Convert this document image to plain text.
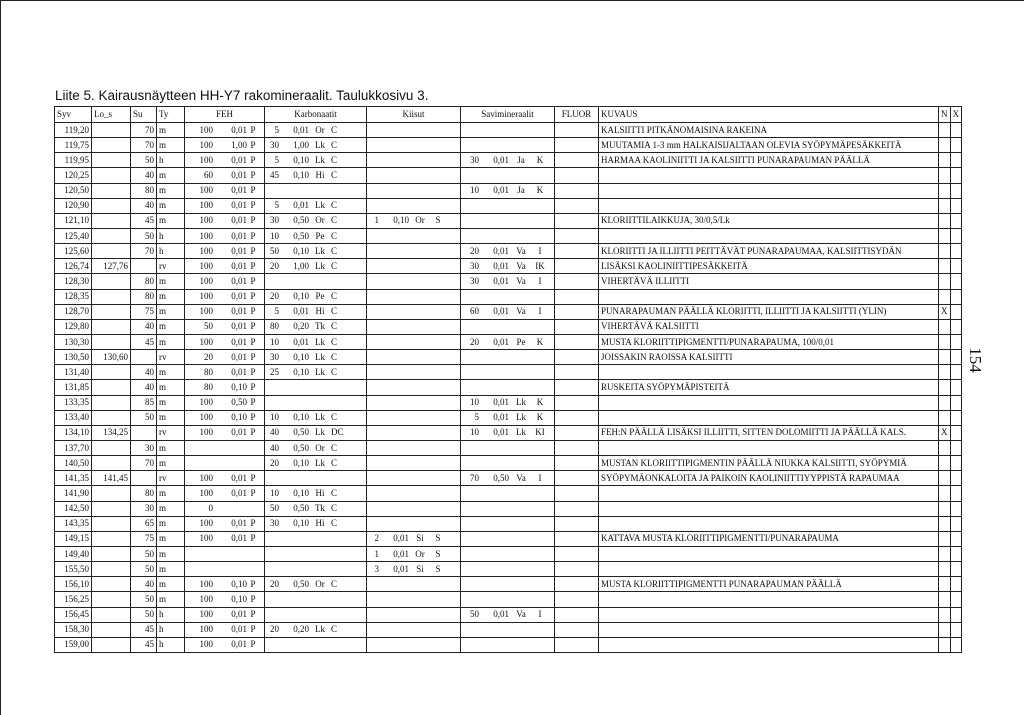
Liite 5. Kairausnäytteen HH-Y7 rakomineraalit. Taulukkosivu 3.
154
Syv	Lo_s	Su	Ty	FEH	Karbonaatit	Kiisut	Savimineraalit	FLUOR	KUVAUS	N	X
119,20		70	m	100 0,01 P	5 0,01 Or C				KALSIITTI PITKÄNOMAISINA RAKEINA		
119,75		70	m	100 1,00 P	30 1,00 Lk C				MUUTAMIA 1-3 mm HALKAISIJALTAAN OLEVIA SYÖPYMÄPESÄKKEITÄ		
119,95		50	h	100 0,01 P	5 0,10 Lk C		30 0,01 Ja K		HARMAA KAOLINIITTI JA KALSIITTI PUNARAPAUMAN PÄÄLLÄ		
120,25		40	m	60 0,01 P	45 0,10 Hi C						
120,50		80	m	100 0,01 P			10 0,01 Ja K				
120,90		40	m	100 0,01 P	5 0,01 Lk C						
121,10		45	m	100 0,01 P	30 0,50 Or C	1 0,10 Or S			KLORIITTILAIKKUJA, 30/0,5/Lk		
125,40		50	h	100 0,01 P	10 0,50 Pe C						
125,60		70	h	100 0,01 P	50 0,10 Lk C		20 0,01 Va I		KLORIITTI JA ILLIITTI PEITTÄVÄT PUNARAPAUMAA, KALSIITTISYDÄN		
126,74	127,76		rv	100 0,01 P	20 1,00 Lk C		30 0,01 Va IK		LISÄKSI KAOLINIITTIPESÄKKEITÄ		
128,30		80	m	100 0,01 P			30 0,01 Va I		VIHERTÄVÄ ILLIITTI		
128,35		80	m	100 0,01 P	20 0,10 Pe C						
128,70		75	m	100 0,01 P	5 0,01 Hi C		60 0,01 Va I		PUNARAPAUMAN PÄÄLLÄ KLORIITTI, ILLIITTI JA KALSIITTI (YLIN)	X	
129,80		40	m	50 0,01 P	80 0,20 Tk C				VIHERTÄVÄ KALSIITTI		
130,30		45	m	100 0,01 P	10 0,01 Lk C		20 0,01 Pe K		MUSTA KLORIITTIPIGMENTTI/PUNARAPAUMA, 100/0,01		
130,50	130,60		rv	20 0,01 P	30 0,10 Lk C				JOISSAKIN RAOISSA KALSIITTI		
131,40		40	m	80 0,01 P	25 0,10 Lk C						
131,85		40	m	80 0,10 P					RUSKEITA SYÖPYMÄPISTEITÄ		
133,35		85	m	100 0,50 P			10 0,01 Lk K				
133,40		50	m	100 0,10 P	10 0,10 Lk C		5 0,01 Lk K				
134,10	134,25		rv	100 0,01 P	40 0,50 Lk DC		10 0,01 Lk KI		FEH:N PÄÄLLÄ LISÄKSI ILLIITTI, SITTEN DOLOMIITTI JA PÄÄLLÄ KALS.	X	
137,70		30	m		40 0,50 Or C						
140,50		70	m		20 0,10 Lk C				MUSTAN KLORIITTIPIGMENTIN PÄÄLLÄ NIUKKA KALSIITTI, SYÖPYMIÄ		
141,35	141,45		rv	100 0,01 P			70 0,50 Va I		SYÖPYMÄONKALOITA JA PAIKOIN KAOLINIITTIYYPPISTÄ RAPAUMAA		
141,90		80	m	100 0,01 P	10 0,10 Hi C						
142,50		30	m	0	50 0,50 Tk C						
143,35		65	m	100 0,01 P	30 0,10 Hi C						
149,15		75	m	100 0,01 P		2 0,01 Si S			KATTAVA MUSTA KLORIITTIPIGMENTTI/PUNARAPAUMA		
149,40		50	m			1 0,01 Or S					
155,50		50	m			3 0,01 Si S					
156,10		40	m	100 0,10 P	20 0,50 Or C				MUSTA KLORIITTIPIGMENTTI PUNARAPAUMAN PÄÄLLÄ		
156,25		50	m	100 0,10 P							
156,45		50	h	100 0,01 P			50 0,01 Va I				
158,30		45	h	100 0,01 P	20 0,20 Lk C						
159,00		45	h	100 0,01 P							
